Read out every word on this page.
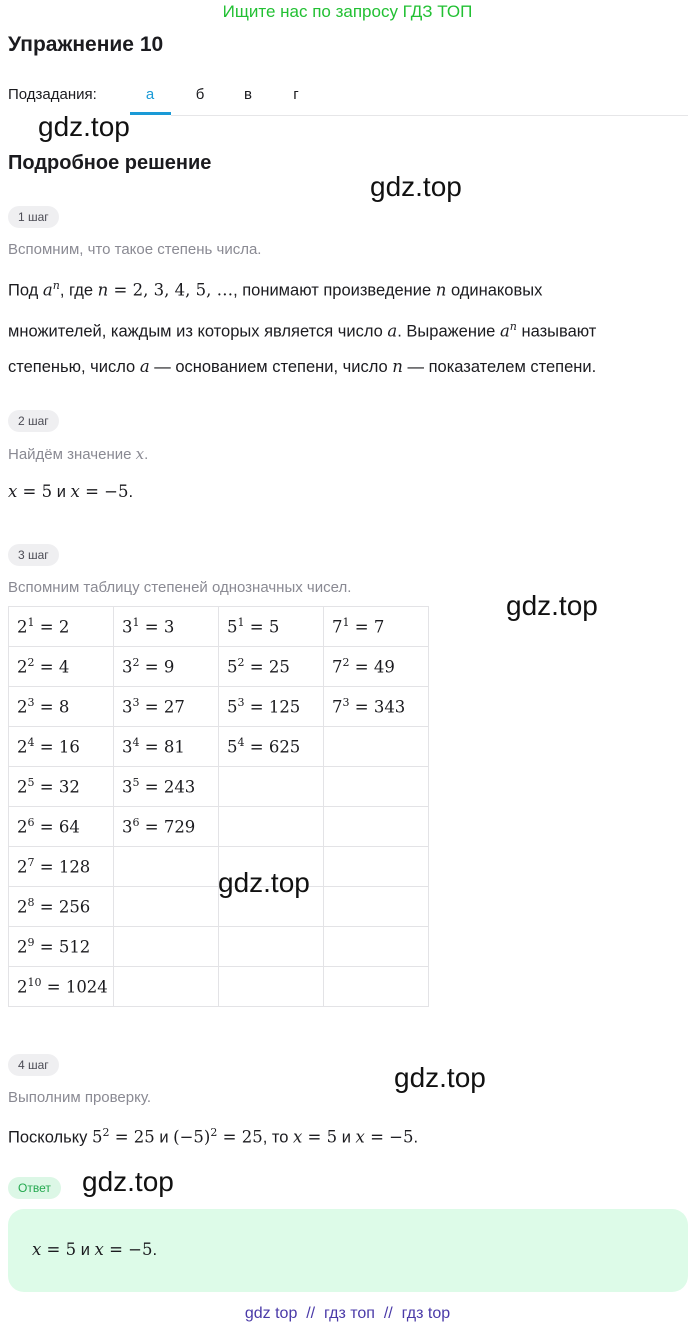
Ищите нас по запросу ГДЗ ТОП
Упражнение 10
Подзадания:	а	б	в	г
gdz.top
Подробное решение
gdz.top
1 шаг
Вспомним, что такое степень числа.
Под $a^n$, где n = 2, 3, 4, 5, …, понимают произведение n одинаковых
множителей, каждым из которых является число a. Выражение $a^n$ называют
степенью, число a — основанием степени, число n — показателем степени.
2 шаг
Найдём значение x.
x = 5 и x = −5.
3 шаг
Вспомним таблицу степеней однозначных чисел.
gdz.top
$2^1 = 2$	$3^1 = 3$	$5^1 = 5$	$7^1 = 7$
$2^2 = 4$	$3^2 = 9$	$5^2 = 25$	$7^2 = 49$
$2^3 = 8$	$3^3 = 27$	$5^3 = 125$	$7^3 = 343$
$2^4 = 16$	$3^4 = 81$	$5^4 = 625$	
$2^5 = 32$	$3^5 = 243$		
$2^6 = 64$	$3^6 = 729$		
$2^7 = 128$			
$2^8 = 256$			
$2^9 = 512$			
$2^{10} = 1024$			
gdz.top
4 шаг	gdz.top
Выполним проверку.
Поскольку $5^2 = 25$ и $(-5)^2 = 25$, то x = 5 и x = −5.
Ответ	gdz.top
x = 5 и x = −5.
gdz top  //  гдз топ  //  гдз top
